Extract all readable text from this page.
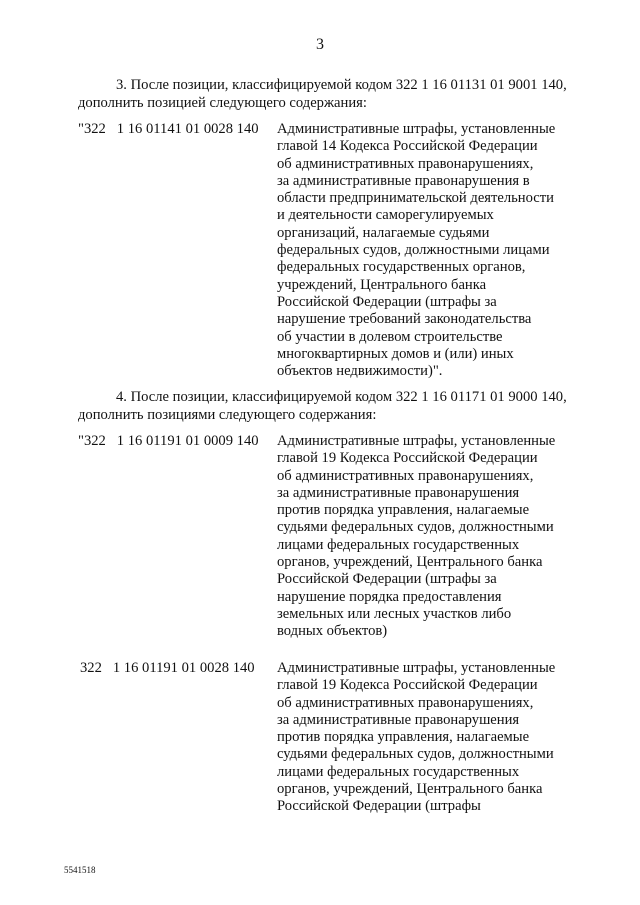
3
3. После позиции, классифицируемой кодом 322 1 16 01131 01 9001 140,
дополнить позицией следующего содержания:
"322   1 16 01141 01 0028 140 Административные штрафы, установленные
главой 14 Кодекса Российской Федерации
об административных правонарушениях,
за административные правонарушения в
области предпринимательской деятельности
и деятельности саморегулируемых
организаций, налагаемые судьями
федеральных судов, должностными лицами
федеральных государственных органов,
учреждений, Центрального банка
Российской Федерации (штрафы за
нарушение требований законодательства
об участии в долевом строительстве
многоквартирных домов и (или) иных
объектов недвижимости)".
4. После позиции, классифицируемой кодом 322 1 16 01171 01 9000 140,
дополнить позициями следующего содержания:
"322   1 16 01191 01 0009 140 Административные штрафы, установленные
главой 19 Кодекса Российской Федерации
об административных правонарушениях,
за административные правонарушения
против порядка управления, налагаемые
судьями федеральных судов, должностными
лицами федеральных государственных
органов, учреждений, Центрального банка
Российской Федерации (штрафы за
нарушение порядка предоставления
земельных или лесных участков либо
водных объектов)
322   1 16 01191 01 0028 140 Административные штрафы, установленные
главой 19 Кодекса Российской Федерации
об административных правонарушениях,
за административные правонарушения
против порядка управления, налагаемые
судьями федеральных судов, должностными
лицами федеральных государственных
органов, учреждений, Центрального банка
Российской Федерации (штрафы
5541518
